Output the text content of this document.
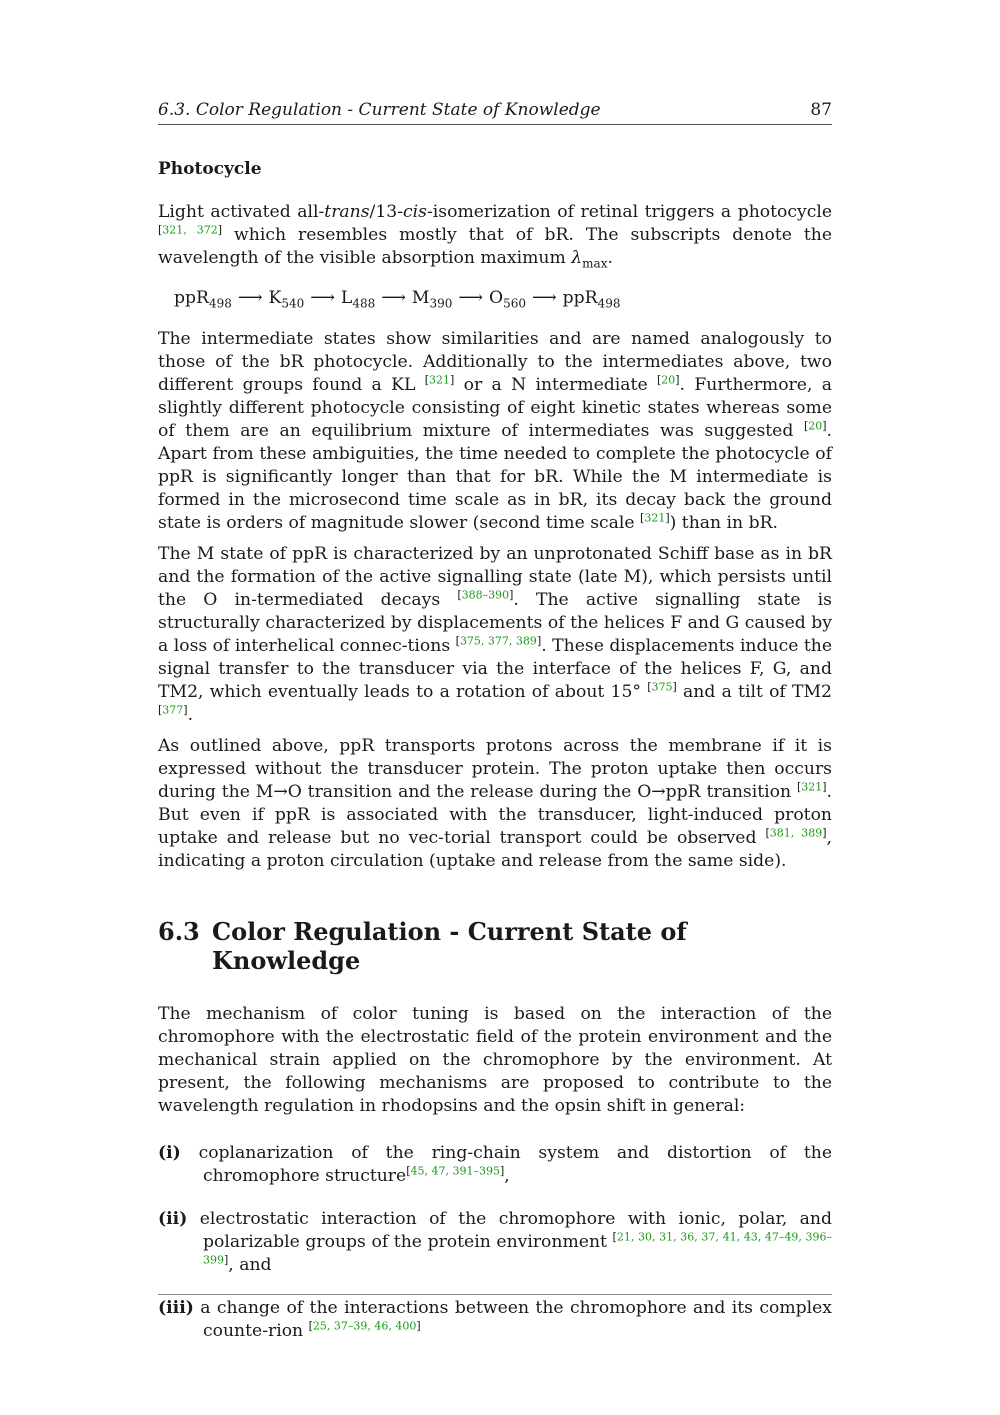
6.3. Color Regulation - Current State of Knowledge	87
Photocycle

Light activated all-trans/13-cis-isomerization of retinal triggers a photocycle [321, 372] which resembles mostly that of bR. The subscripts denote the wavelength of the visible absorption maximum $\lambda_{max}$.

ppR$_{498}$ ⟶ $K_{540}$ ⟶ $L_{488}$ ⟶ $M_{390}$ ⟶ $O_{560}$ ⟶ ppR$_{498}$

The intermediate states show similarities and are named analogously to those of the bR photocycle. Additionally to the intermediates above, two different groups found a KL [321] or a N intermediate [20]. Furthermore, a slightly different photocycle consisting of eight kinetic states whereas some of them are an equilibrium mixture of intermediates was suggested [20]. Apart from these ambiguities, the time needed to complete the photocycle of ppR is significantly longer than that for bR. While the M intermediate is formed in the microsecond time scale as in bR, its decay back the ground state is orders of magnitude slower (second time scale [321]) than in bR.

The M state of ppR is characterized by an unprotonated Schiff base as in bR and the formation of the active signalling state (late M), which persists until the O in-termediated decays [388–390]. The active signalling state is structurally characterized by displacements of the helices F and G caused by a loss of interhelical connec-tions [375, 377, 389]. These displacements induce the signal transfer to the transducer via the interface of the helices F, G, and TM2, which eventually leads to a rotation of about 15° [375] and a tilt of TM2 [377].

As outlined above, ppR transports protons across the membrane if it is expressed without the transducer protein. The proton uptake then occurs during the M→O transition and the release during the O→ppR transition [321]. But even if ppR is associated with the transducer, light-induced proton uptake and release but no vec-torial transport could be observed [381, 389], indicating a proton circulation (uptake and release from the same side).

6.3 Color Regulation - Current State of Knowledge

The mechanism of color tuning is based on the interaction of the chromophore with the electrostatic field of the protein environment and the mechanical strain applied on the chromophore by the environment. At present, the following mechanisms are proposed to contribute to the wavelength regulation in rhodopsins and the opsin shift in general:

(i) coplanarization of the ring-chain system and distortion of the chromophore structure[45, 47, 391–395],
(ii) electrostatic interaction of the chromophore with ionic, polar, and polarizable groups of the protein environment [21, 30, 31, 36, 37, 41, 43, 47–49, 396–399], and
(iii) a change of the interactions between the chromophore and its complex counte-rion [25, 37–39, 46, 400]
